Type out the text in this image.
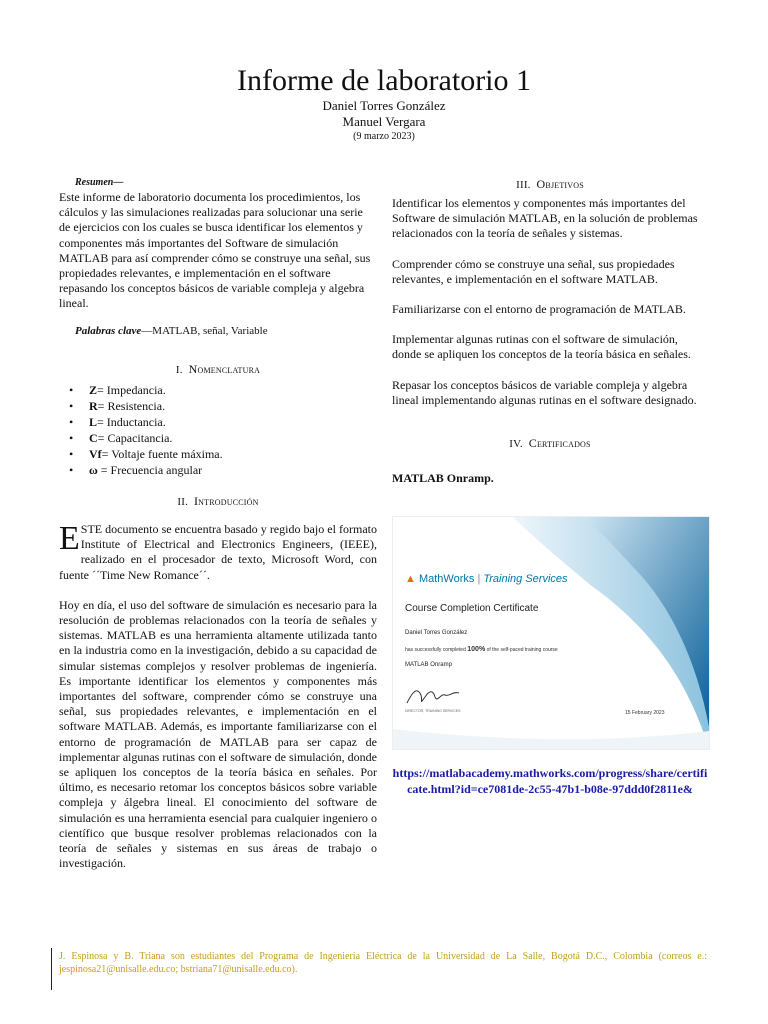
Informe de laboratorio 1
Daniel Torres González
Manuel Vergara
(9 marzo 2023)
Resumen—
Este informe de laboratorio documenta los procedimientos, los cálculos y las simulaciones realizadas para solucionar una serie de ejercicios con los cuales se busca identificar los elementos y componentes más importantes del Software de simulación MATLAB para así comprender cómo se construye una señal, sus propiedades relevantes, e implementación en el software repasando los conceptos básicos de variable compleja y algebra lineal.
Palabras clave—MATLAB, señal, Variable
I. Nomenclatura
• Z= Impedancia.
• R= Resistencia.
• L= Inductancia.
• C= Capacitancia.
• Vf= Voltaje fuente máxima.
• ω = Frecuencia angular
II. Introducción
ESTE documento se encuentra basado y regido bajo el formato Institute of Electrical and Electronics Engineers, (IEEE), realizado en el procesador de texto, Microsoft Word, con fuente ´´Time New Romance´´.
Hoy en día, el uso del software de simulación es necesario para la resolución de problemas relacionados con la teoría de señales y sistemas. MATLAB es una herramienta altamente utilizada tanto en la industria como en la investigación, debido a su capacidad de simular sistemas complejos y resolver problemas de ingeniería. Es importante identificar los elementos y componentes más importantes del software, comprender cómo se construye una señal, sus propiedades relevantes, e implementación en el software MATLAB. Además, es importante familiarizarse con el entorno de programación de MATLAB para ser capaz de implementar algunas rutinas con el software de simulación, donde se apliquen los conceptos de la teoría básica en señales. Por último, es necesario retomar los conceptos básicos sobre variable compleja y álgebra lineal. El conocimiento del software de simulación es una herramienta esencial para cualquier ingeniero o científico que busque resolver problemas relacionados con la teoría de señales y sistemas en sus áreas de trabajo o investigación.
III. Objetivos
Identificar los elementos y componentes más importantes del Software de simulación MATLAB, en la solución de problemas relacionados con la teoría de señales y sistemas.
Comprender cómo se construye una señal, sus propiedades relevantes, e implementación en el software MATLAB.
Familiarizarse con el entorno de programación de MATLAB.
Implementar algunas rutinas con el software de simulación, donde se apliquen los conceptos de la teoría básica en señales.
Repasar los conceptos básicos de variable compleja y algebra lineal implementando algunas rutinas en el software designado.
IV. Certificados
MATLAB Onramp.
▲ MathWorks | Training Services
Course Completion Certificate
Daniel Torres González
has successfully completed 100% of the self-paced training course
MATLAB Onramp
DIRECTOR, TRAINING SERVICES	15 February 2023
https://matlabacademy.mathworks.com/progress/share/certificate.html?id=ce7081de-2c55-47b1-b08e-97ddd0f2811e&
J. Espinosa y B. Triana son estudiantes del Programa de Ingeniería Eléctrica de la Universidad de La Salle, Bogotá D.C., Colombia (correos e.: jespinosa21@unisalle.edu.co; bstriana71@unisalle.edu.co).
